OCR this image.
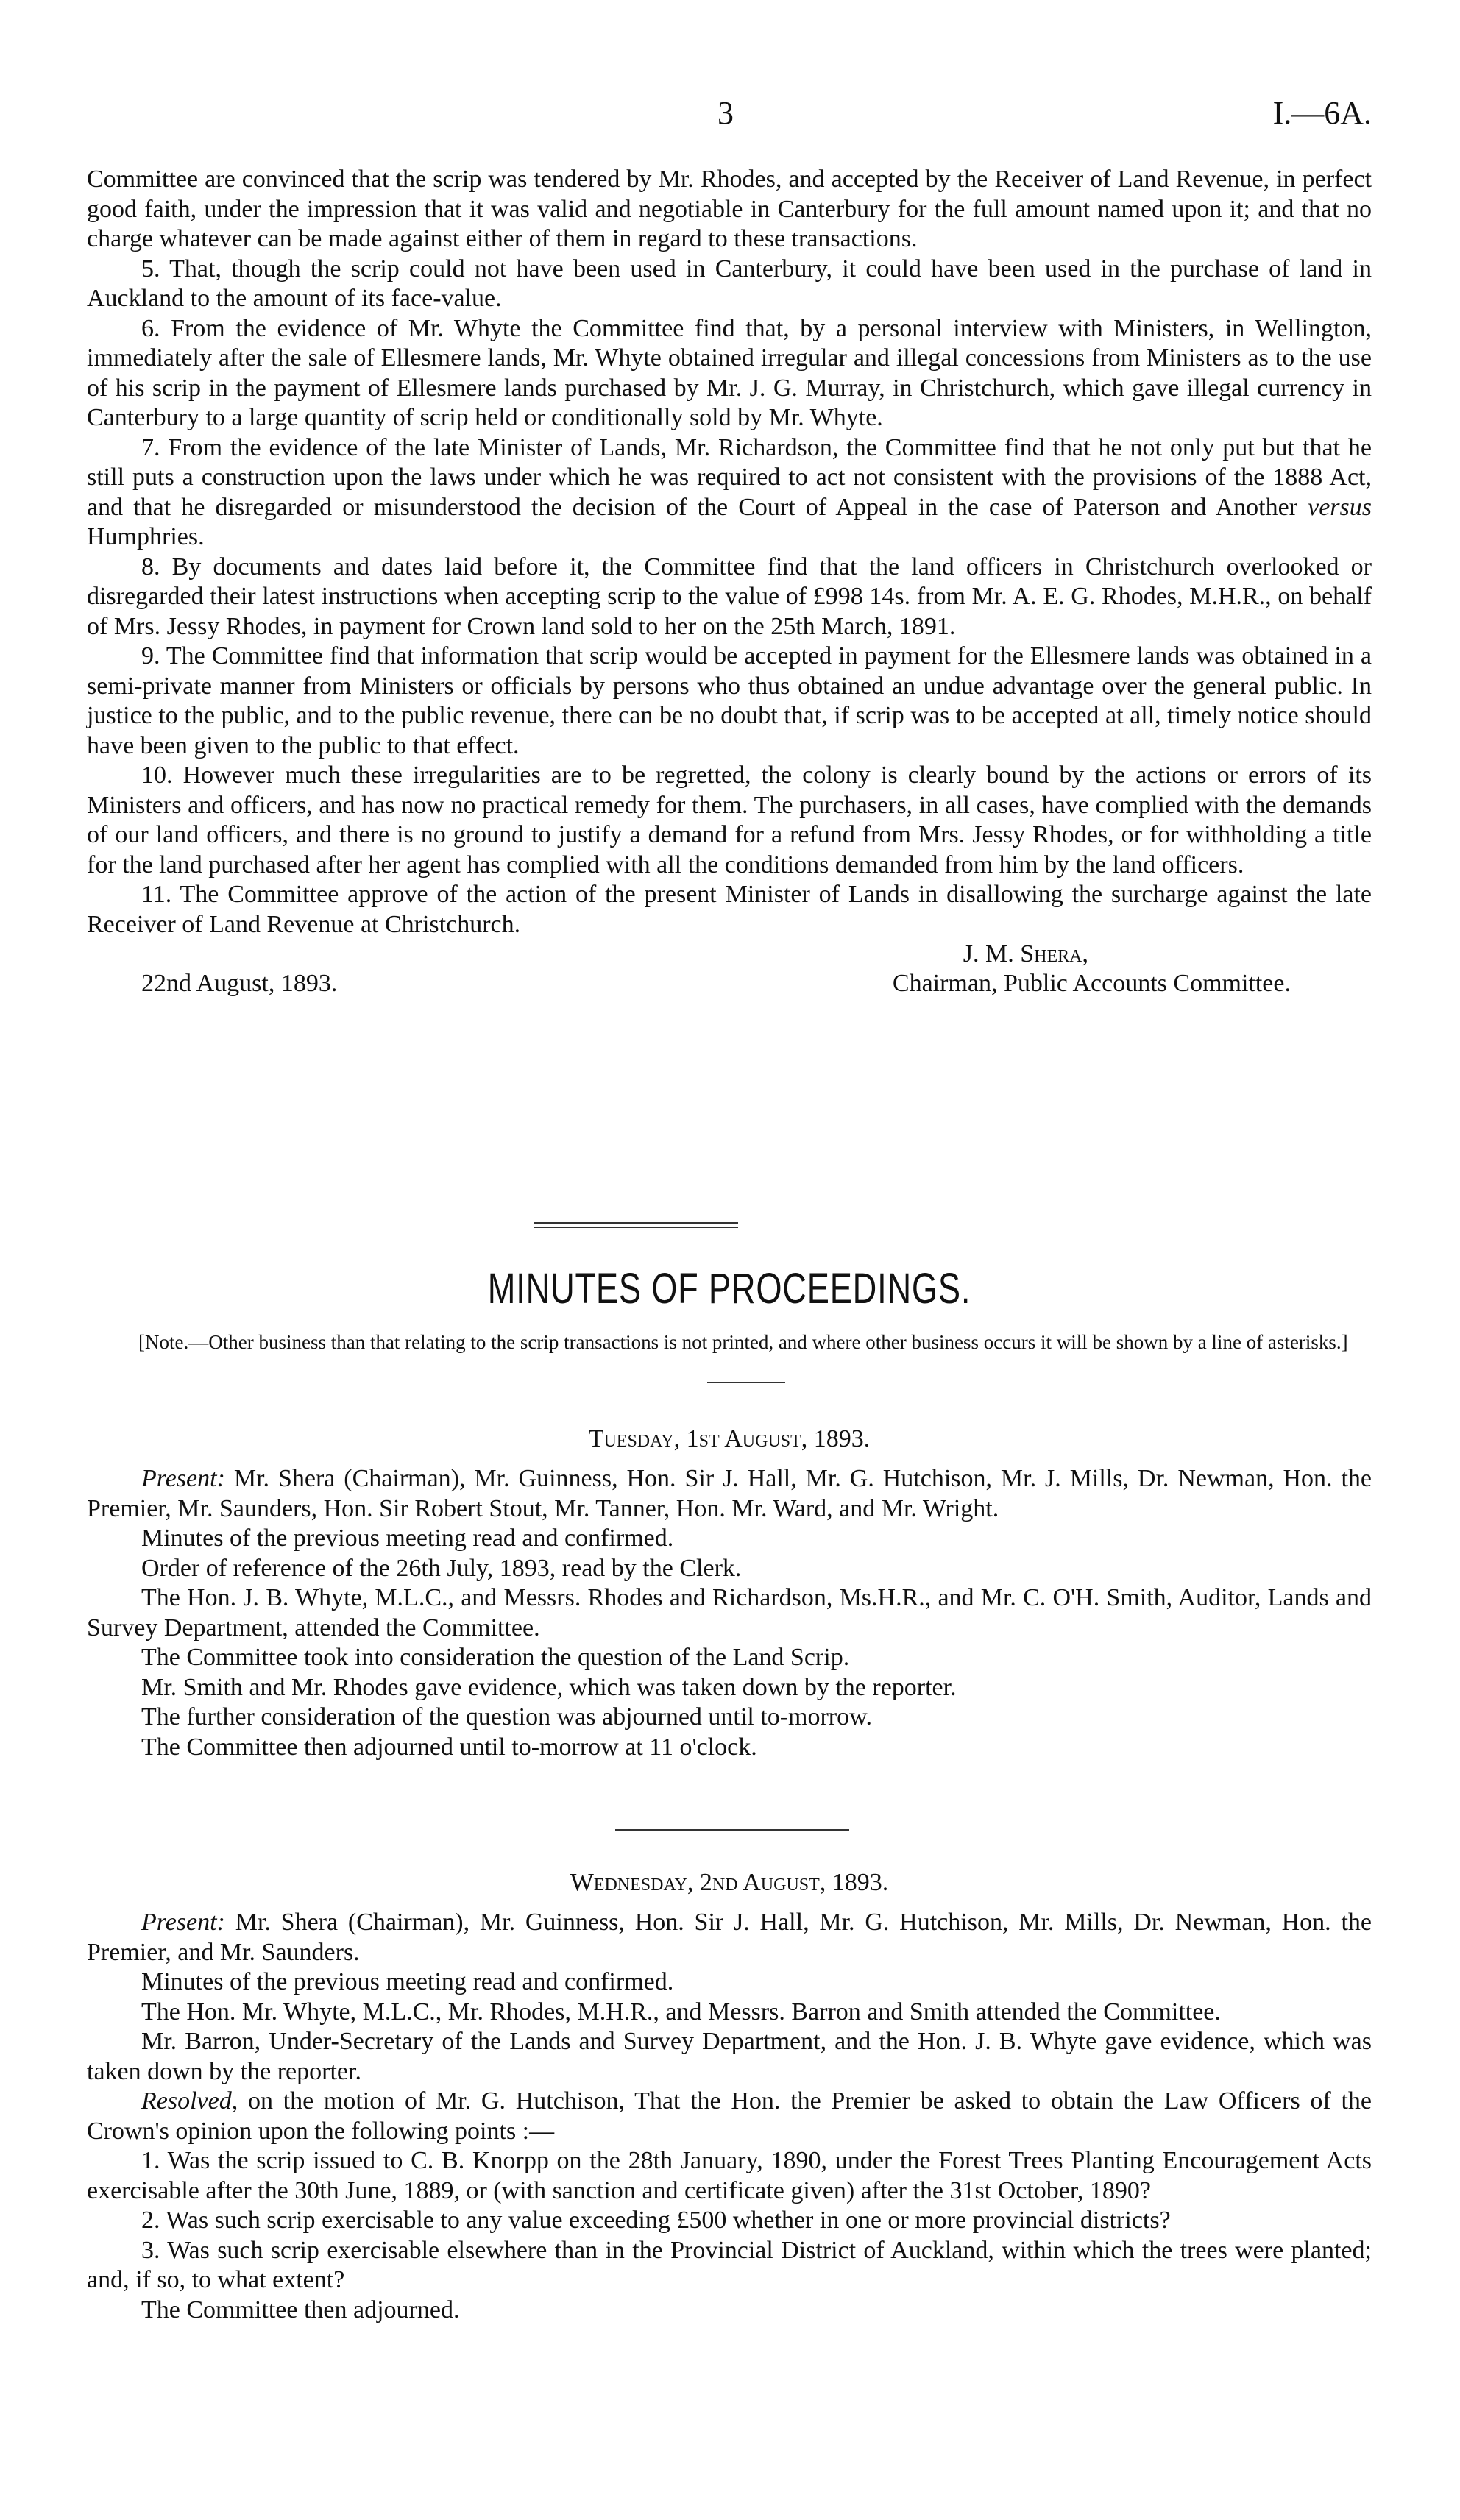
3	I.—6A.

Committee are convinced that the scrip was tendered by Mr. Rhodes, and accepted by the Receiver of Land Revenue, in perfect good faith, under the impression that it was valid and negotiable in Canterbury for the full amount named upon it; and that no charge whatever can be made against either of them in regard to these transactions.

5. That, though the scrip could not have been used in Canterbury, it could have been used in the purchase of land in Auckland to the amount of its face-value.

6. From the evidence of Mr. Whyte the Committee find that, by a personal interview with Ministers, in Wellington, immediately after the sale of Ellesmere lands, Mr. Whyte obtained irregular and illegal concessions from Ministers as to the use of his scrip in the payment of Ellesmere lands purchased by Mr. J. G. Murray, in Christchurch, which gave illegal currency in Canterbury to a large quantity of scrip held or conditionally sold by Mr. Whyte.

7. From the evidence of the late Minister of Lands, Mr. Richardson, the Committee find that he not only put but that he still puts a construction upon the laws under which he was required to act not consistent with the provisions of the 1888 Act, and that he disregarded or misunderstood the decision of the Court of Appeal in the case of Paterson and Another versus Humphries.

8. By documents and dates laid before it, the Committee find that the land officers in Christchurch overlooked or disregarded their latest instructions when accepting scrip to the value of £998 14s. from Mr. A. E. G. Rhodes, M.H.R., on behalf of Mrs. Jessy Rhodes, in payment for Crown land sold to her on the 25th March, 1891.

9. The Committee find that information that scrip would be accepted in payment for the Ellesmere lands was obtained in a semi-private manner from Ministers or officials by persons who thus obtained an undue advantage over the general public. In justice to the public, and to the public revenue, there can be no doubt that, if scrip was to be accepted at all, timely notice should have been given to the public to that effect.

10. However much these irregularities are to be regretted, the colony is clearly bound by the actions or errors of its Ministers and officers, and has now no practical remedy for them. The purchasers, in all cases, have complied with the demands of our land officers, and there is no ground to justify a demand for a refund from Mrs. Jessy Rhodes, or for withholding a title for the land purchased after her agent has complied with all the conditions demanded from him by the land officers.

11. The Committee approve of the action of the present Minister of Lands in disallowing the surcharge against the late Receiver of Land Revenue at Christchurch.

J. M. Shera,
22nd August, 1893.	Chairman, Public Accounts Committee.
MINUTES OF PROCEEDINGS.

[Note.—Other business than that relating to the scrip transactions is not printed, and where other business occurs it will be shown by a line of asterisks.]

Tuesday, 1st August, 1893.

Present: Mr. Shera (Chairman), Mr. Guinness, Hon. Sir J. Hall, Mr. G. Hutchison, Mr. J. Mills, Dr. Newman, Hon. the Premier, Mr. Saunders, Hon. Sir Robert Stout, Mr. Tanner, Hon. Mr. Ward, and Mr. Wright.

Minutes of the previous meeting read and confirmed.

Order of reference of the 26th July, 1893, read by the Clerk.

The Hon. J. B. Whyte, M.L.C., and Messrs. Rhodes and Richardson, Ms.H.R., and Mr. C. O'H. Smith, Auditor, Lands and Survey Department, attended the Committee.

The Committee took into consideration the question of the Land Scrip.

Mr. Smith and Mr. Rhodes gave evidence, which was taken down by the reporter.

The further consideration of the question was abjourned until to-morrow.

The Committee then adjourned until to-morrow at 11 o'clock.

Wednesday, 2nd August, 1893.

Present: Mr. Shera (Chairman), Mr. Guinness, Hon. Sir J. Hall, Mr. G. Hutchison, Mr. Mills, Dr. Newman, Hon. the Premier, and Mr. Saunders.

Minutes of the previous meeting read and confirmed.

The Hon. Mr. Whyte, M.L.C., Mr. Rhodes, M.H.R., and Messrs. Barron and Smith attended the Committee.

Mr. Barron, Under-Secretary of the Lands and Survey Department, and the Hon. J. B. Whyte gave evidence, which was taken down by the reporter.

Resolved, on the motion of Mr. G. Hutchison, That the Hon. the Premier be asked to obtain the Law Officers of the Crown's opinion upon the following points :—

1. Was the scrip issued to C. B. Knorpp on the 28th January, 1890, under the Forest Trees Planting Encouragement Acts exercisable after the 30th June, 1889, or (with sanction and certificate given) after the 31st October, 1890?

2. Was such scrip exercisable to any value exceeding £500 whether in one or more provincial districts?

3. Was such scrip exercisable elsewhere than in the Provincial District of Auckland, within which the trees were planted; and, if so, to what extent?

The Committee then adjourned.
